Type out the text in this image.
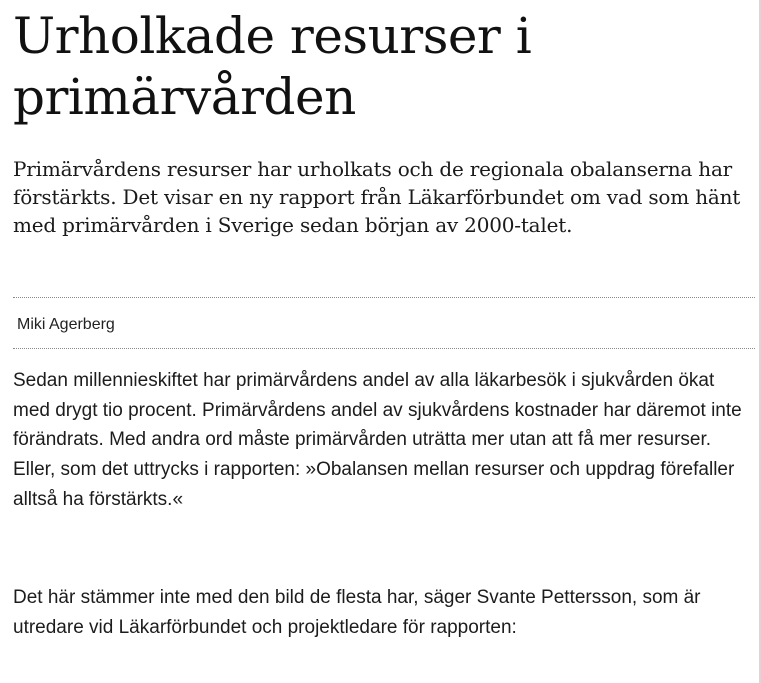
Urholkade resurser i primärvården

Primärvårdens resurser har urholkats och de regionala obalanserna har förstärkts. Det visar en ny rapport från Läkarförbundet om vad som hänt med primärvården i Sverige sedan början av 2000-talet.

Miki Agerberg

Sedan millennieskiftet har primärvårdens andel av alla läkarbesök i sjukvården ökat med drygt tio procent. Primärvårdens andel av sjukvårdens kostnader har däremot inte förändrats. Med andra ord måste primärvården uträtta mer utan att få mer resurser. Eller, som det uttrycks i rapporten: »Obalansen mellan resurser och uppdrag förefaller alltså ha förstärkts.«

Det här stämmer inte med den bild de flesta har, säger Svante Pettersson, som är utredare vid Läkarförbundet och projektledare för rapporten:
